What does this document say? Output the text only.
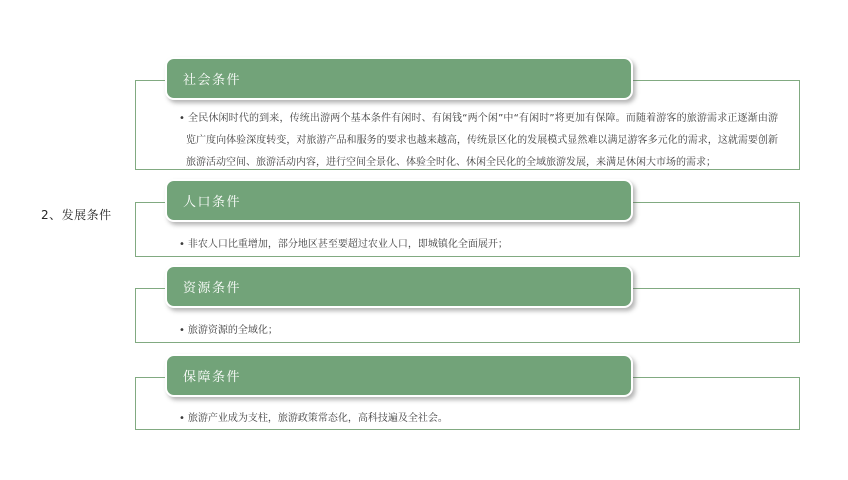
2、发展条件
社会条件

• 全民休闲时代的到来，传统出游两个基本条件有闲时、有闲钱“两个闲”中“有闲时”将更加有保障。而随着游客的旅游需求正逐渐由游览广度向体验深度转变，对旅游产品和服务的要求也越来越高，传统景区化的发展模式显然难以满足游客多元化的需求，这就需要创新旅游活动空间、旅游活动内容，进行空间全景化、体验全时化、休闲全民化的全域旅游发展，来满足休闲大市场的需求；

人口条件

• 非农人口比重增加，部分地区甚至要超过农业人口，即城镇化全面展开；

资源条件

• 旅游资源的全域化；

保障条件

• 旅游产业成为支柱，旅游政策常态化，高科技遍及全社会。
